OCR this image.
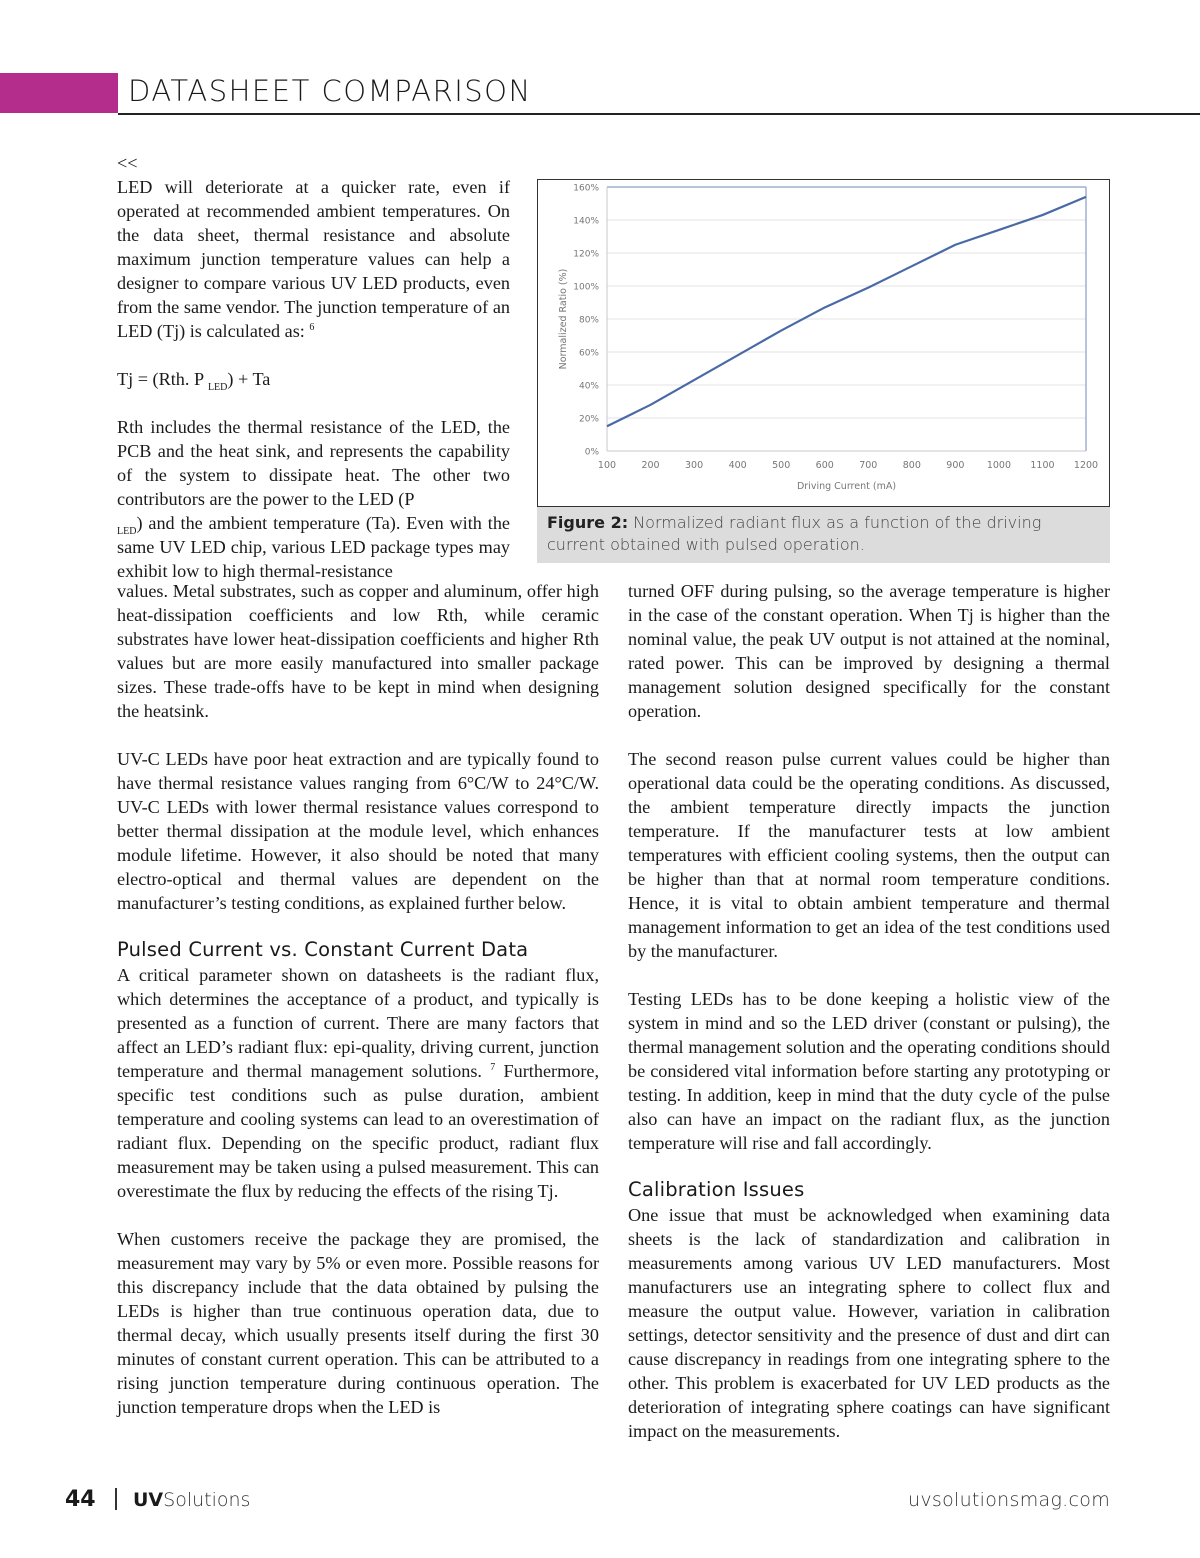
DATASHEET COMPARISON

<<

LED will deteriorate at a quicker rate, even if operated at recommended ambient temperatures. On the data sheet, thermal resistance and absolute maximum junction temperature values can help a designer to compare various UV LED products, even from the same vendor. The junction temperature of an LED (Tj) is calculated as: $^6$

Tj = (Rth. P $_{LED}$) + Ta

Rth includes the thermal resistance of the LED, the PCB and the heat sink, and represents the capability of the system to dissipate heat. The other two contributors are the power to the LED (P
$_{LED}$) and the ambient temperature (Ta). Even with the same UV LED chip, various LED package types may exhibit low to high thermal-resistance

0%
20%
40%
60%
80%
100%
120%
140%
160%
100	200	300	400	500	600	700	800	900 1000 1100 1200
Driving Current (mA)
Normalized Ratio (%)
Figure 2: Normalized radiant flux as a function of the driving current obtained with pulsed operation.

values. Metal substrates, such as copper and aluminum, offer high heat-dissipation coefficients and low Rth, while ceramic substrates have lower heat-dissipation coefficients and higher Rth values but are more easily manufactured into smaller package sizes. These trade-offs have to be kept in mind when designing the heatsink.

UV-C LEDs have poor heat extraction and are typically found to have thermal resistance values ranging from 6°C/W to 24°C/W. UV-C LEDs with lower thermal resistance values correspond to better thermal dissipation at the module level, which enhances module lifetime. However, it also should be noted that many electro-optical and thermal values are dependent on the manufacturer’s testing conditions, as explained further below.

Pulsed Current vs. Constant Current Data

A critical parameter shown on datasheets is the radiant flux, which determines the acceptance of a product, and typically is presented as a function of current. There are many factors that affect an LED’s radiant flux: epi-quality, driving current, junction temperature and thermal management solutions. $^7$ Furthermore, specific test conditions such as pulse duration, ambient temperature and cooling systems can lead to an overestimation of radiant flux. Depending on the specific product, radiant flux measurement may be taken using a pulsed measurement. This can overestimate the flux by reducing the effects of the rising Tj.

When customers receive the package they are promised, the measurement may vary by 5% or even more. Possible reasons for this discrepancy include that the data obtained by pulsing the LEDs is higher than true continuous operation data, due to thermal decay, which usually presents itself during the first 30 minutes of constant current operation. This can be attributed to a rising junction temperature during continuous operation. The junction temperature drops when the LED is

turned OFF during pulsing, so the average temperature is higher in the case of the constant operation. When Tj is higher than the nominal value, the peak UV output is not attained at the nominal, rated power. This can be improved by designing a thermal management solution designed specifically for the constant operation.

The second reason pulse current values could be higher than operational data could be the operating conditions. As discussed, the ambient temperature directly impacts the junction temperature. If the manufacturer tests at low ambient temperatures with efficient cooling systems, then the output can be higher than that at normal room temperature conditions. Hence, it is vital to obtain ambient temperature and thermal management information to get an idea of the test conditions used by the manufacturer.

Testing LEDs has to be done keeping a holistic view of the system in mind and so the LED driver (constant or pulsing), the thermal management solution and the operating conditions should be considered vital information before starting any prototyping or testing. In addition, keep in mind that the duty cycle of the pulse also can have an impact on the radiant flux, as the junction temperature will rise and fall accordingly.

Calibration Issues

One issue that must be acknowledged when examining data sheets is the lack of standardization and calibration in measurements among various UV LED manufacturers. Most manufacturers use an integrating sphere to collect flux and measure the output value. However, variation in calibration settings, detector sensitivity and the presence of dust and dirt can cause discrepancy in readings from one integrating sphere to the other. This problem is exacerbated for UV LED products as the deterioration of integrating sphere coatings can have significant impact on the measurements.

44 UVSolutions	uvsolutionsmag.com
